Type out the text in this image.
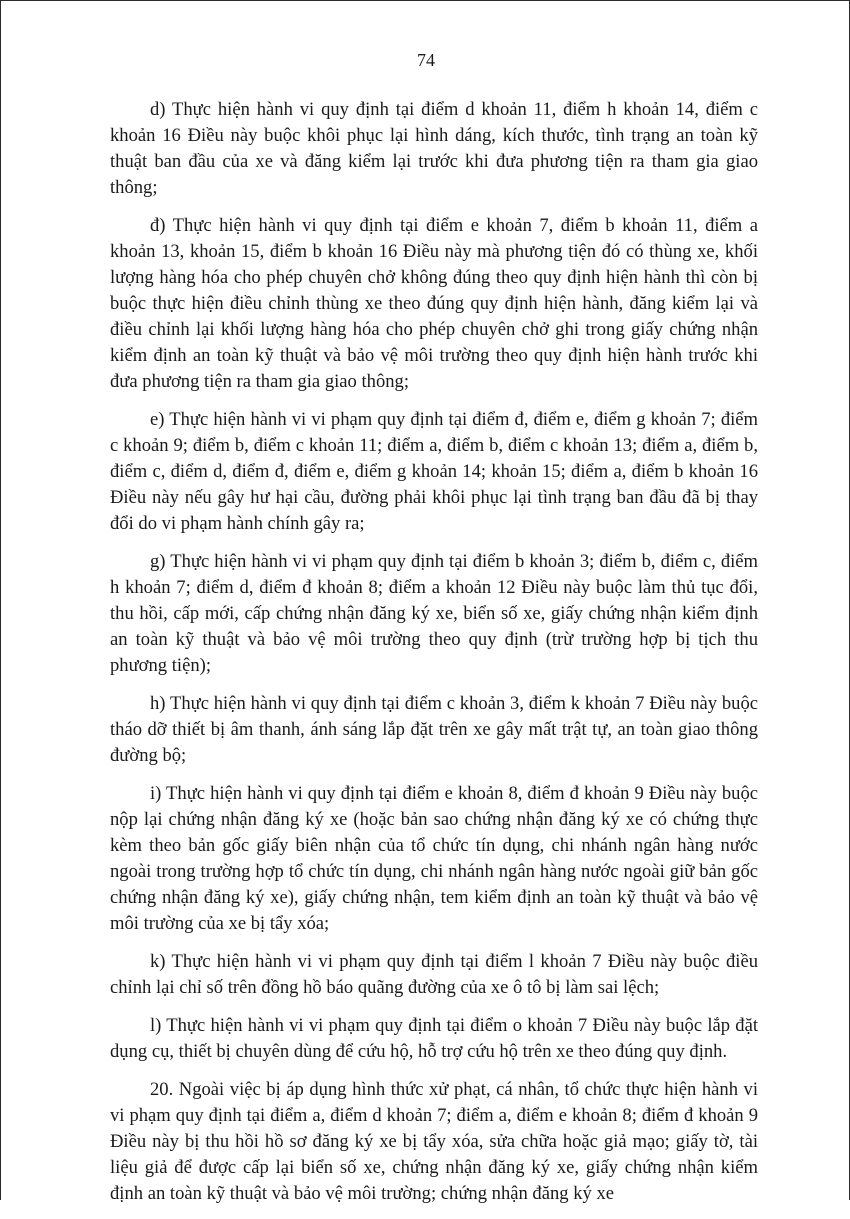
74

d) Thực hiện hành vi quy định tại điểm d khoản 11, điểm h khoản 14, điểm c khoản 16 Điều này buộc khôi phục lại hình dáng, kích thước, tình trạng an toàn kỹ thuật ban đầu của xe và đăng kiểm lại trước khi đưa phương tiện ra tham gia giao thông;

đ) Thực hiện hành vi quy định tại điểm e khoản 7, điểm b khoản 11, điểm a khoản 13, khoản 15, điểm b khoản 16 Điều này mà phương tiện đó có thùng xe, khối lượng hàng hóa cho phép chuyên chở không đúng theo quy định hiện hành thì còn bị buộc thực hiện điều chỉnh thùng xe theo đúng quy định hiện hành, đăng kiểm lại và điều chỉnh lại khối lượng hàng hóa cho phép chuyên chở ghi trong giấy chứng nhận kiểm định an toàn kỹ thuật và bảo vệ môi trường theo quy định hiện hành trước khi đưa phương tiện ra tham gia giao thông;

e) Thực hiện hành vi vi phạm quy định tại điểm đ, điểm e, điểm g khoản 7; điểm c khoản 9; điểm b, điểm c khoản 11; điểm a, điểm b, điểm c khoản 13; điểm a, điểm b, điểm c, điểm d, điểm đ, điểm e, điểm g khoản 14; khoản 15; điểm a, điểm b khoản 16 Điều này nếu gây hư hại cầu, đường phải khôi phục lại tình trạng ban đầu đã bị thay đổi do vi phạm hành chính gây ra;

g) Thực hiện hành vi vi phạm quy định tại điểm b khoản 3; điểm b, điểm c, điểm h khoản 7; điểm d, điểm đ khoản 8; điểm a khoản 12 Điều này buộc làm thủ tục đổi, thu hồi, cấp mới, cấp chứng nhận đăng ký xe, biển số xe, giấy chứng nhận kiểm định an toàn kỹ thuật và bảo vệ môi trường theo quy định (trừ trường hợp bị tịch thu phương tiện);

h) Thực hiện hành vi quy định tại điểm c khoản 3, điểm k khoản 7 Điều này buộc tháo dỡ thiết bị âm thanh, ánh sáng lắp đặt trên xe gây mất trật tự, an toàn giao thông đường bộ;

i) Thực hiện hành vi quy định tại điểm e khoản 8, điểm đ khoản 9 Điều này buộc nộp lại chứng nhận đăng ký xe (hoặc bản sao chứng nhận đăng ký xe có chứng thực kèm theo bản gốc giấy biên nhận của tổ chức tín dụng, chi nhánh ngân hàng nước ngoài trong trường hợp tổ chức tín dụng, chi nhánh ngân hàng nước ngoài giữ bản gốc chứng nhận đăng ký xe), giấy chứng nhận, tem kiểm định an toàn kỹ thuật và bảo vệ môi trường của xe bị tẩy xóa;

k) Thực hiện hành vi vi phạm quy định tại điểm l khoản 7 Điều này buộc điều chỉnh lại chỉ số trên đồng hồ báo quãng đường của xe ô tô bị làm sai lệch;

l) Thực hiện hành vi vi phạm quy định tại điểm o khoản 7 Điều này buộc lắp đặt dụng cụ, thiết bị chuyên dùng để cứu hộ, hỗ trợ cứu hộ trên xe theo đúng quy định.

20. Ngoài việc bị áp dụng hình thức xử phạt, cá nhân, tổ chức thực hiện hành vi vi phạm quy định tại điểm a, điểm d khoản 7; điểm a, điểm e khoản 8; điểm đ khoản 9 Điều này bị thu hồi hồ sơ đăng ký xe bị tẩy xóa, sửa chữa hoặc giả mạo; giấy tờ, tài liệu giả để được cấp lại biển số xe, chứng nhận đăng ký xe, giấy chứng nhận kiểm định an toàn kỹ thuật và bảo vệ môi trường; chứng nhận đăng ký xe
